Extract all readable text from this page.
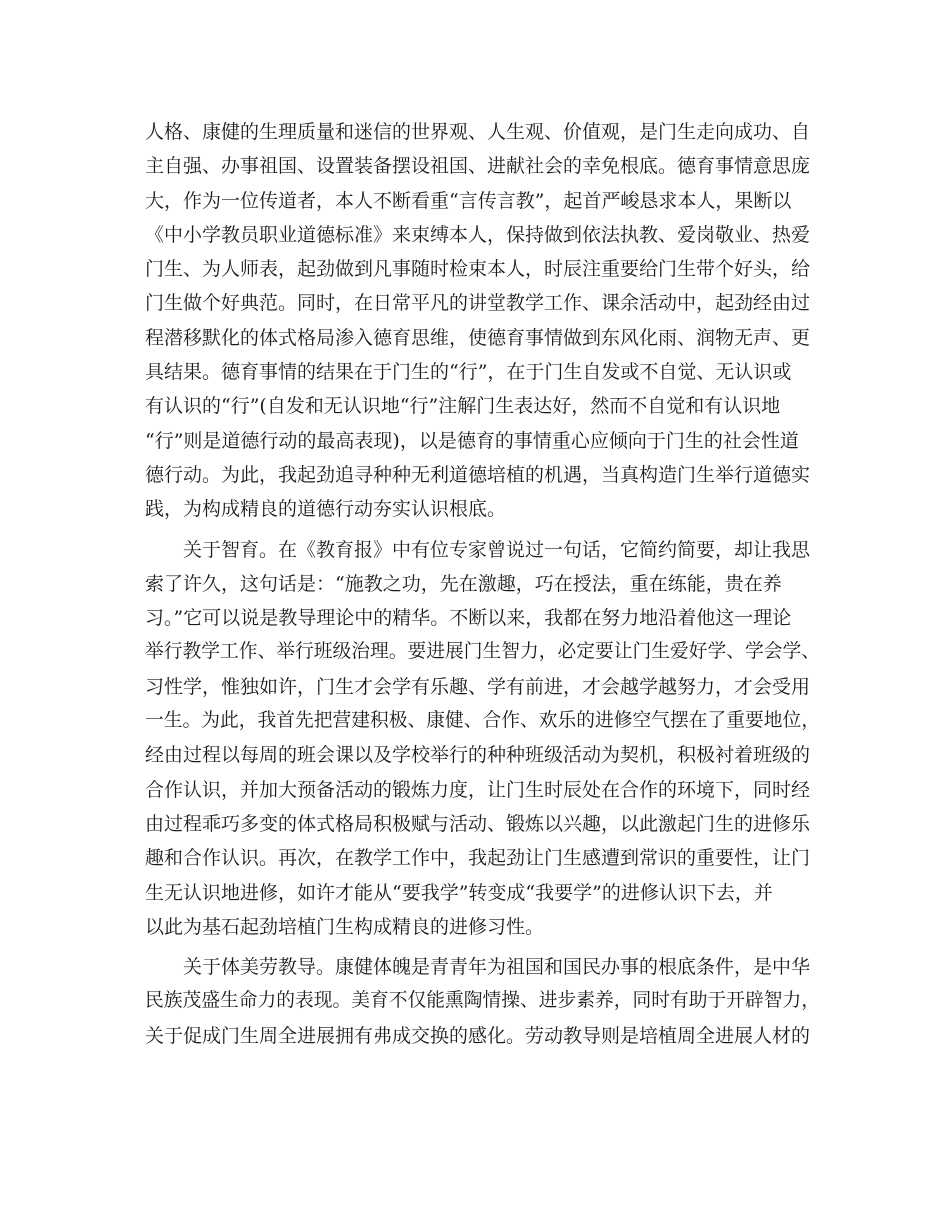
人格、康健的生理质量和迷信的世界观、人生观、价值观，是门生走向成功、自
主自强、办事祖国、设置装备摆设祖国、进献社会的幸免根底。德育事情意思庞
大，作为一位传道者，本人不断看重“言传言教”，起首严峻恳求本人，果断以
《中小学教员职业道德标准》来束缚本人，保持做到依法执教、爱岗敬业、热爱
门生、为人师表，起劲做到凡事随时检束本人，时辰注重要给门生带个好头，给
门生做个好典范。同时，在日常平凡的讲堂教学工作、课余活动中，起劲经由过
程潜移默化的体式格局渗入德育思维，使德育事情做到东风化雨、润物无声、更
具结果。德育事情的结果在于门生的“行”，在于门生自发或不自觉、无认识或
有认识的“行”(自发和无认识地“行”注解门生表达好，然而不自觉和有认识地
“行”则是道德行动的最高表现)，以是德育的事情重心应倾向于门生的社会性道
德行动。为此，我起劲追寻种种无利道德培植的机遇，当真构造门生举行道德实
践，为构成精良的道德行动夯实认识根底。
关于智育。在《教育报》中有位专家曾说过一句话，它简约简要，却让我思
索了许久，这句话是：“施教之功，先在激趣，巧在授法，重在练能，贵在养
习。”它可以说是教导理论中的精华。不断以来，我都在努力地沿着他这一理论
举行教学工作、举行班级治理。要进展门生智力，必定要让门生爱好学、学会学、
习性学，惟独如许，门生才会学有乐趣、学有前进，才会越学越努力，才会受用
一生。为此，我首先把营建积极、康健、合作、欢乐的进修空气摆在了重要地位，
经由过程以每周的班会课以及学校举行的种种班级活动为契机，积极衬着班级的
合作认识，并加大预备活动的锻炼力度，让门生时辰处在合作的环境下，同时经
由过程乖巧多变的体式格局积极赋与活动、锻炼以兴趣，以此激起门生的进修乐
趣和合作认识。再次，在教学工作中，我起劲让门生感遭到常识的重要性，让门
生无认识地进修，如许才能从“要我学”转变成“我要学”的进修认识下去，并
以此为基石起劲培植门生构成精良的进修习性。
关于体美劳教导。康健体魄是青青年为祖国和国民办事的根底条件，是中华
民族茂盛生命力的表现。美育不仅能熏陶情操、进步素养，同时有助于开辟智力，
关于促成门生周全进展拥有弗成交换的感化。劳动教导则是培植周全进展人材的
